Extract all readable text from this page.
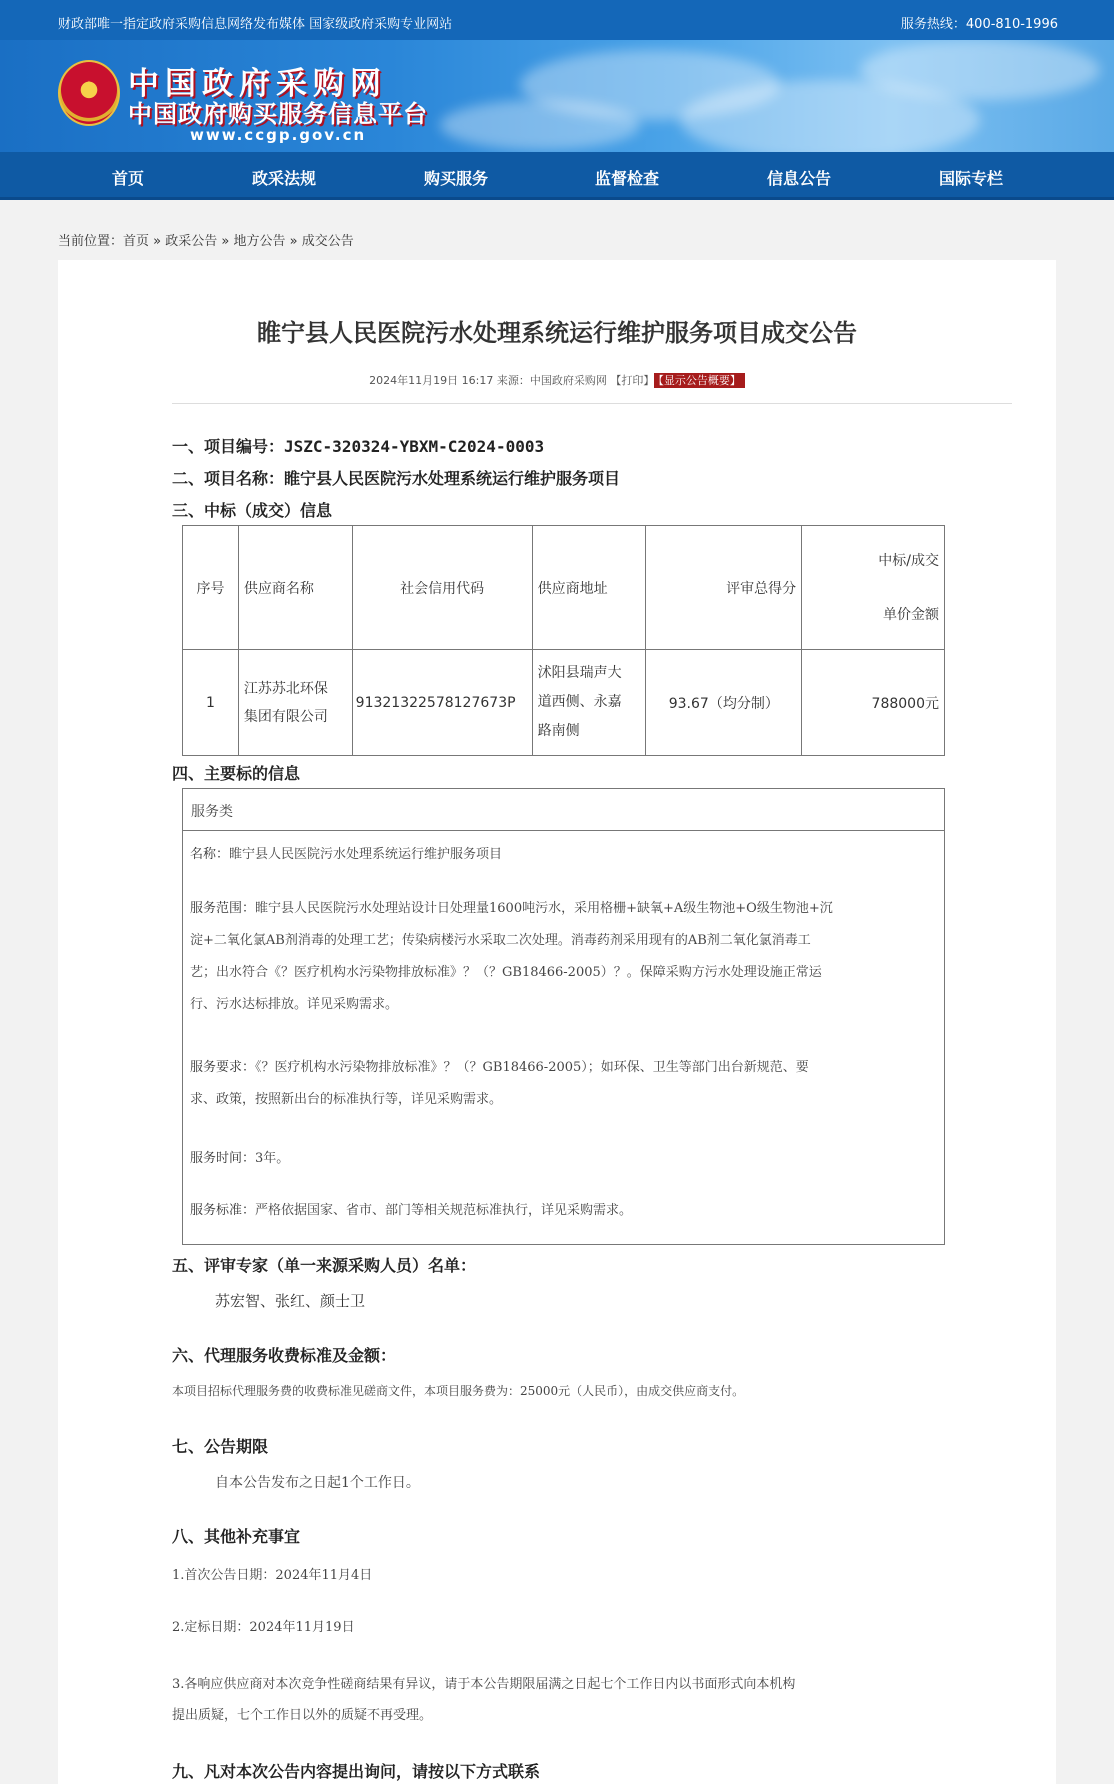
财政部唯一指定政府采购信息网络发布媒体 国家级政府采购专业网站	服务热线：400-810-1996
★ 中国政府采购网
中国政府购买服务信息平台
www.ccgp.gov.cn
首页	政采法规	购买服务	监督检查	信息公告	国际专栏
当前位置：首页 » 政采公告 » 地方公告 » 成交公告
睢宁县人民医院污水处理系统运行维护服务项目成交公告
2024年11月19日 16:17 来源：中国政府采购网 【打印】 【显示公告概要】
一、项目编号：JSZC-320324-YBXM-C2024-0003
二、项目名称：睢宁县人民医院污水处理系统运行维护服务项目
三、中标（成交）信息
序号	供应商名称	社会信用代码	供应商地址	评审总得分	中标/成交
单价金额
1	江苏苏北环保
集团有限公司	91321322578127673P	沭阳县瑞声大
道西侧、永嘉
路南侧	93.67（均分制）	788000元
四、主要标的信息
服务类
名称：睢宁县人民医院污水处理系统运行维护服务项目
服务范围：睢宁县人民医院污水处理站设计日处理量1600吨污水，采用格栅+缺氧+A级生物池+O级生物池+沉
淀+二氧化氯AB剂消毒的处理工艺；传染病楼污水采取二次处理。消毒药剂采用现有的AB剂二氧化氯消毒工
艺；出水符合《？医疗机构水污染物排放标准》？（？GB18466-2005）？。保障采购方污水处理设施正常运
行、污水达标排放。详见采购需求。
服务要求：《？医疗机构水污染物排放标准》？（？GB18466-2005）；如环保、卫生等部门出台新规范、要
求、政策，按照新出台的标准执行等，详见采购需求。
服务时间：3年。
服务标准：严格依据国家、省市、部门等相关规范标准执行，详见采购需求。
五、评审专家（单一来源采购人员）名单：
苏宏智、张红、颜士卫
六、代理服务收费标准及金额：
本项目招标代理服务费的收费标准见磋商文件，本项目服务费为：25000元（人民币），由成交供应商支付。
七、公告期限
自本公告发布之日起1个工作日。
八、其他补充事宜
1.首次公告日期：2024年11月4日
2.定标日期：2024年11月19日
3.各响应供应商对本次竞争性磋商结果有异议，请于本公告期限届满之日起七个工作日内以书面形式向本机构
提出质疑，七个工作日以外的质疑不再受理。
九、凡对本次公告内容提出询问，请按以下方式联系
